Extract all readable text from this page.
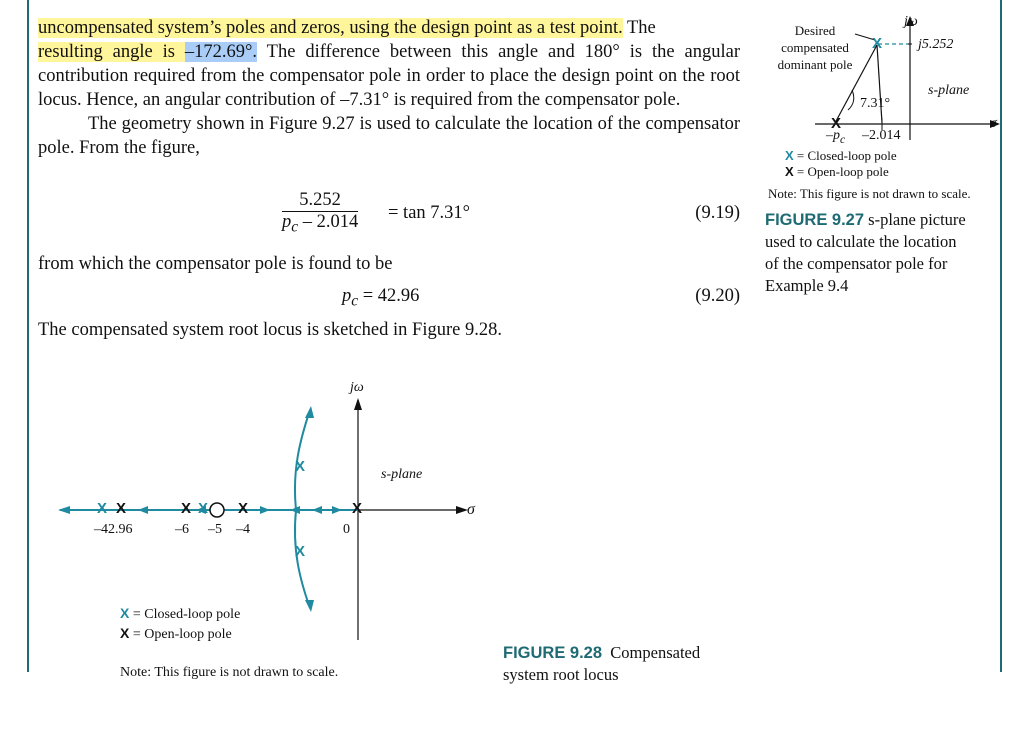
uncompensated system’s poles and zeros, using the design point as a test point. The
resulting angle is –172.69°. The difference between this angle and 180° is the angular contribution required from the compensator pole in order to place the design point on the root locus. Hence, an angular contribution of –7.31° is required from the compensator pole.

The geometry shown in Figure 9.27 is used to calculate the location of the compensator pole. From the figure,

$\frac{5.252}{p_c - 2.014} = \tan 7.31^\circ$	(9.19)

from which the compensator pole is found to be

$p_c = 42.96$	(9.20)

The compensated system root locus is sketched in Figure 9.28.

X
X
jω
Desired
compensated
dominant pole
j5.252
s-plane
7.31°
$-p_c$ –2.014
σ
X = Closed-loop pole
X = Open-loop pole
Note: This figure is not drawn to scale.
FIGURE 9.27 s-plane picture
used to calculate the location
of the compensator pole for
Example 9.4
X X	X X X	X
X
X
jω
s-plane
σ
–42.96	–6 –5 –4	0
X = Closed-loop pole
X = Open-loop pole
Note: This figure is not drawn to scale.
FIGURE 9.28 Compensated
system root locus
